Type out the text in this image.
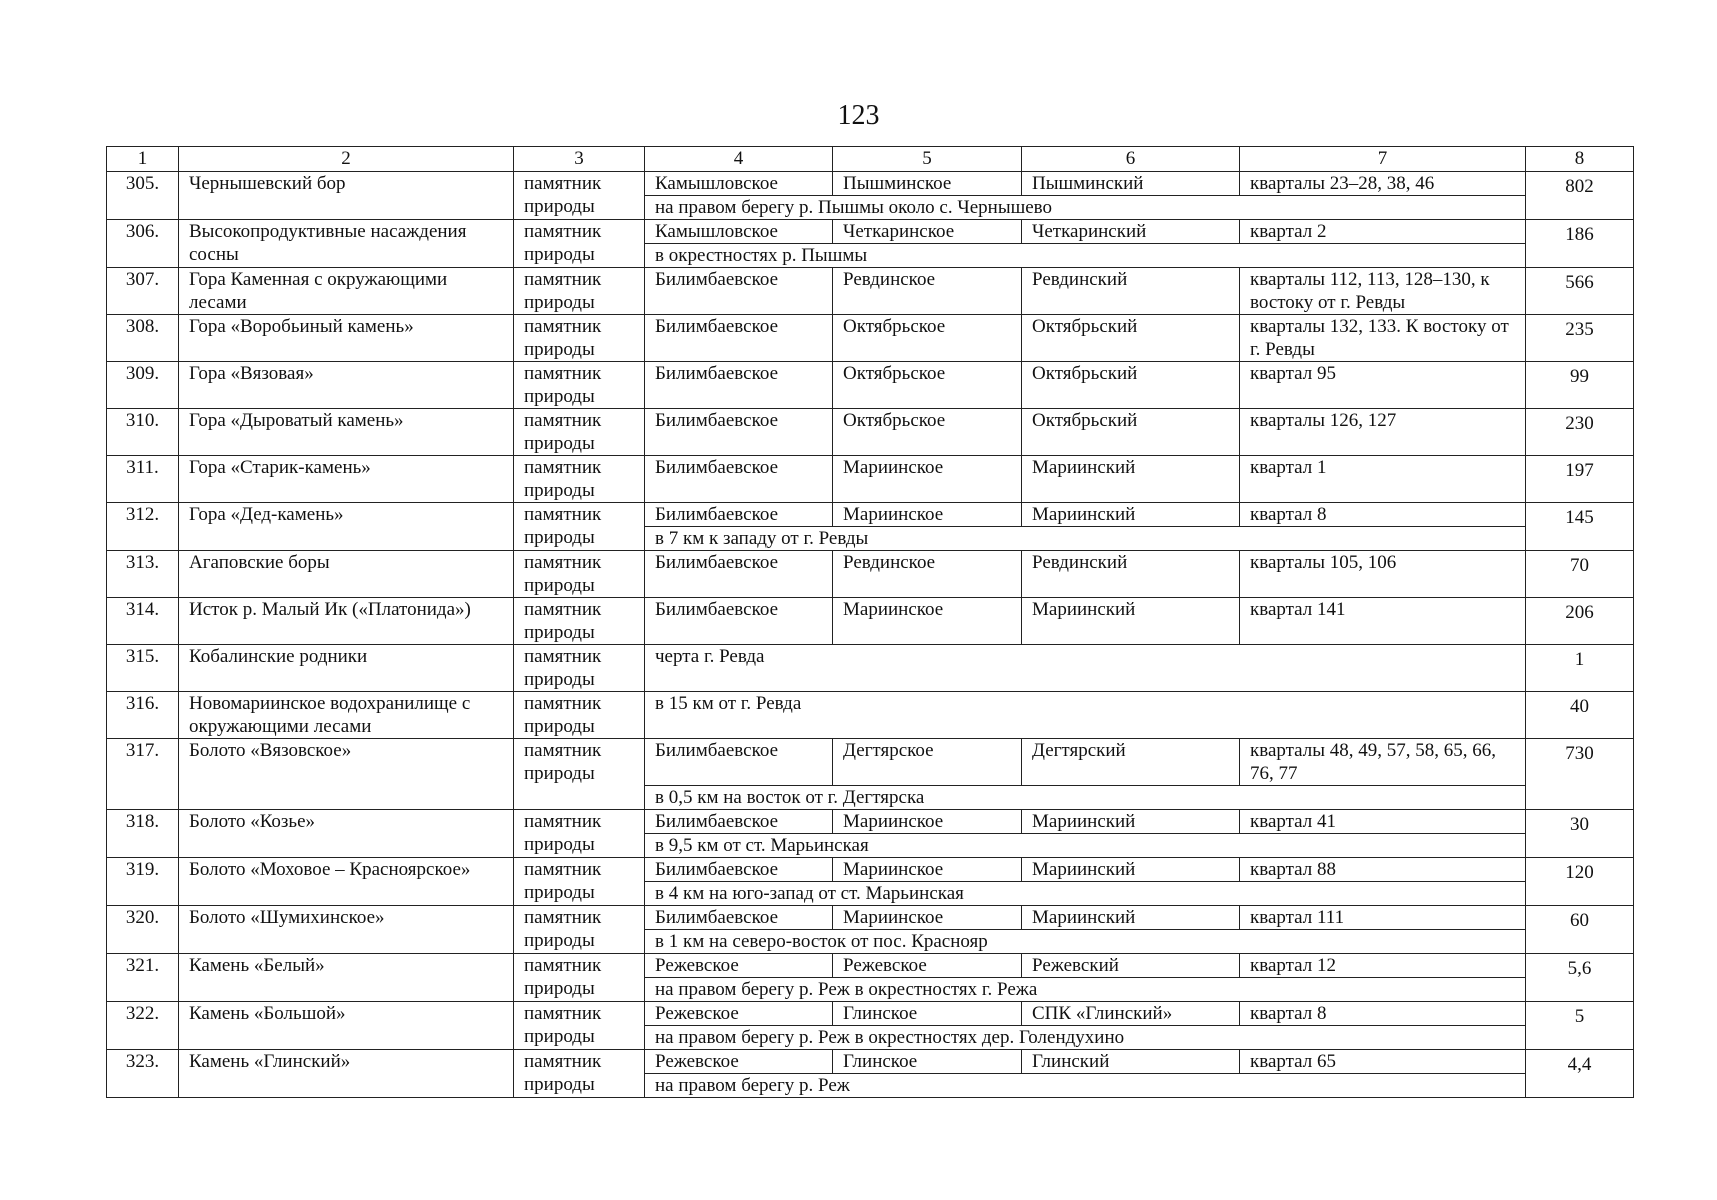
123
1	2	3	4	5	6	7	8
305.	Чернышевский бор	памятник природы	Камышловское	Пышминское	Пышминский	кварталы 23–28, 38, 46	802
			на правом берегу р. Пышмы около с. Чернышево				
306.	Высокопродуктивные насаждения сосны	памятник природы	Камышловское	Четкаринское	Четкаринский	квартал 2	186
			в окрестностях р. Пышмы				
307.	Гора Каменная с окружающими лесами	памятник природы	Билимбаевское	Ревдинское	Ревдинский	кварталы 112, 113, 128–130, к востоку от г. Ревды	566
308.	Гора «Воробьиный камень»	памятник природы	Билимбаевское	Октябрьское	Октябрьский	кварталы 132, 133. К востоку от г. Ревды	235
309.	Гора «Вязовая»	памятник природы	Билимбаевское	Октябрьское	Октябрьский	квартал 95	99
310.	Гора «Дыроватый камень»	памятник природы	Билимбаевское	Октябрьское	Октябрьский	кварталы 126, 127	230
311.	Гора «Старик-камень»	памятник природы	Билимбаевское	Мариинское	Мариинский	квартал 1	197
312.	Гора «Дед-камень»	памятник природы	Билимбаевское	Мариинское	Мариинский	квартал 8	145
			в 7 км к западу от г. Ревды				
313.	Агаповские боры	памятник природы	Билимбаевское	Ревдинское	Ревдинский	кварталы 105, 106	70
314.	Исток р. Малый Ик («Платонида»)	памятник природы	Билимбаевское	Мариинское	Мариинский	квартал 141	206
315.	Кобалинские родники	памятник природы	черта г. Ревда				1
316.	Новомариинское водохранилище с окружающими лесами	памятник природы	в 15 км от г. Ревда				40
317.	Болото «Вязовское»	памятник природы	Билимбаевское	Дегтярское	Дегтярский	кварталы 48, 49, 57, 58, 65, 66, 76, 77	730
			в 0,5 км на восток от г. Дегтярска				
318.	Болото «Козье»	памятник природы	Билимбаевское	Мариинское	Мариинский	квартал 41	30
			в 9,5 км от ст. Марьинская				
319.	Болото «Моховое – Красноярское»	памятник природы	Билимбаевское	Мариинское	Мариинский	квартал 88	120
			в 4 км на юго-запад от ст. Марьинская				
320.	Болото «Шумихинское»	памятник природы	Билимбаевское	Мариинское	Мариинский	квартал 111	60
			в 1 км на северо-восток от пос. Краснояр				
321.	Камень «Белый»	памятник природы	Режевское	Режевское	Режевский	квартал 12	5,6
			на правом берегу р. Реж в окрестностях г. Режа				
322.	Камень «Большой»	памятник природы	Режевское	Глинское	СПК «Глинский»	квартал 8	5
			на правом берегу р. Реж в окрестностях дер. Голендухино				
323.	Камень «Глинский»	памятник природы	Режевское	Глинское	Глинский	квартал 65	4,4
			на правом берегу р. Реж				
